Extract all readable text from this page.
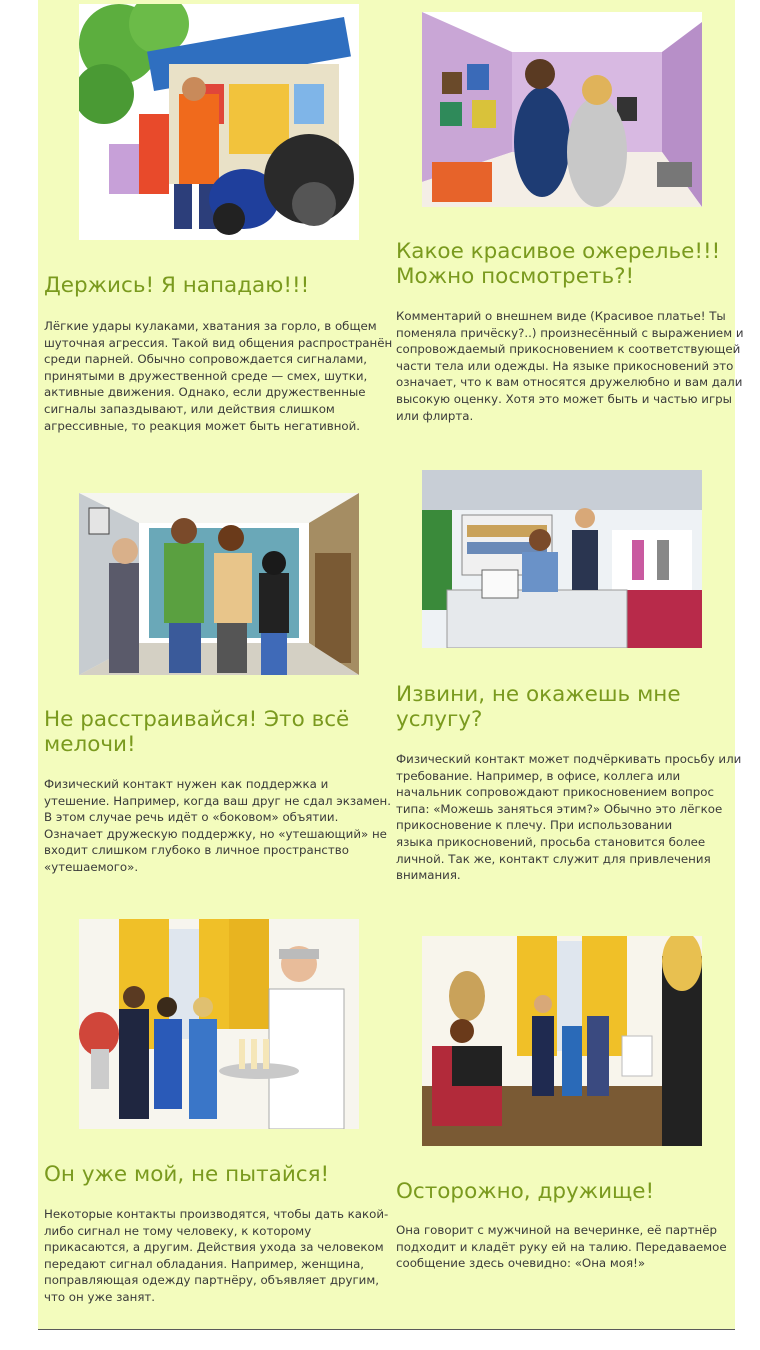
Держись! Я нападаю!!!

Лёгкие удары кулаками, хватания за горло, в общем шуточная агрессия. Такой вид общения распространён среди парней. Обычно сопровождается сигналами, принятыми в дружественной среде — смех, шутки, активные движения. Однако, если дружественные сигналы запаздывают, или действия слишком агрессивные, то реакция может быть негативной.

Какое красивое ожерелье!!! Можно посмотреть?!

Комментарий о внешнем виде (Красивое платье! Ты поменяла причёску?..) произнесённый с выражением и сопровождаемый прикосновением к соответствующей части тела или одежды. На языке прикосновений это означает, что к вам относятся дружелюбно и вам дали высокую оценку. Хотя это может быть и частью игры или флирта.

Не расстраивайся! Это всё мелочи!

Физический контакт нужен как поддержка и утешение. Например, когда ваш друг не сдал экзамен. В этом случае речь идёт о «боковом» объятии. Означает дружескую поддержку, но «утешающий» не входит слишком глубоко в личное пространство «утешаемого».

Извини, не окажешь мне услугу?

Физический контакт может подчёркивать просьбу или требование. Например, в офисе, коллега или начальник сопровождают прикосновением вопрос типа: «Можешь заняться этим?» Обычно это лёгкое прикосновение к плечу. При использовании
языка прикосновений, просьба становится более личной. Так же, контакт служит для привлечения внимания.

Он уже мой, не пытайся!

Некоторые контакты производятся, чтобы дать какой-либо сигнал не тому человеку, к которому прикасаются, а другим. Действия ухода за человеком передают сигнал обладания. Например, женщина, поправляющая одежду партнёру, объявляет другим, что он уже занят.

Осторожно, дружище!

Она говорит с мужчиной на вечеринке, её партнёр подходит и кладёт руку ей на талию. Передаваемое сообщение здесь очевидно: «Она моя!»
